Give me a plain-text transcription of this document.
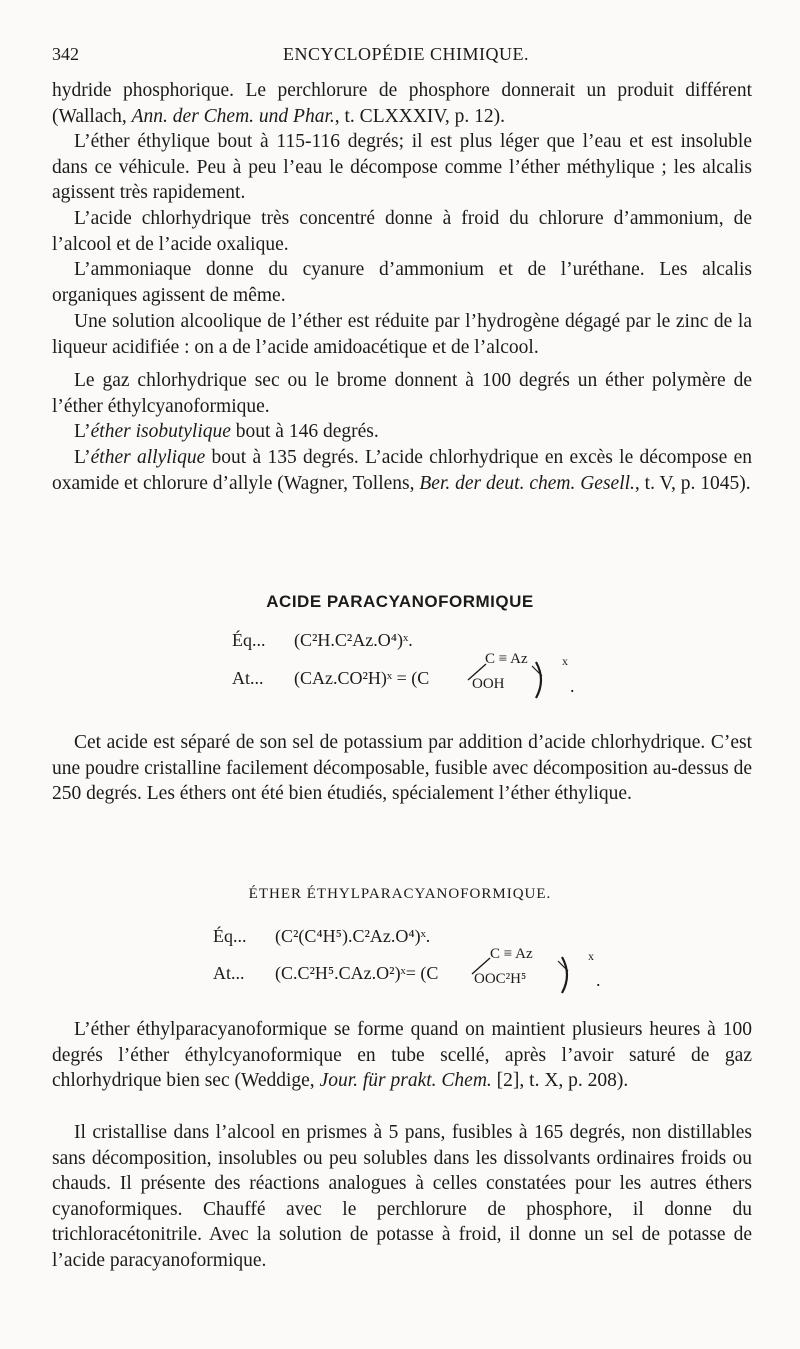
342	ENCYCLOPÉDIE CHIMIQUE.
hydride phosphorique. Le perchlorure de phosphore donnerait un produit différent (Wallach, Ann. der Chem. und Phar., t. CLXXXIV, p. 12).
L’éther éthylique bout à 115-116 degrés; il est plus léger que l’eau et est insoluble dans ce véhicule. Peu à peu l’eau le décompose comme l’éther méthylique ; les alcalis agissent très rapidement.
L’acide chlorhydrique très concentré donne à froid du chlorure d’ammonium, de l’alcool et de l’acide oxalique.
L’ammoniaque donne du cyanure d’ammonium et de l’uréthane. Les alcalis organiques agissent de même.
Une solution alcoolique de l’éther est réduite par l’hydrogène dégagé par le zinc de la liqueur acidifiée : on a de l’acide amidoacétique et de l’alcool.
Le gaz chlorhydrique sec ou le brome donnent à 100 degrés un éther polymère de l’éther éthylcyanoformique.
L’éther isobutylique bout à 146 degrés.
L’éther allylique bout à 135 degrés. L’acide chlorhydrique en excès le décompose en oxamide et chlorure d’allyle (Wagner, Tollens, Ber. der deut. chem. Gesell., t. V, p. 1045).
ACIDE PARACYANOFORMIQUE
Éq... (C²H.C²Az.O⁴)ˣ.
At... (CAz.CO²H)ˣ = (C
C ≡ Az
OOH
x
.
Cet acide est séparé de son sel de potassium par addition d’acide chlorhydrique. C’est une poudre cristalline facilement décomposable, fusible avec décomposition au-dessus de 250 degrés. Les éthers ont été bien étudiés, spécialement l’éther éthylique.
ÉTHER ÉTHYLPARACYANOFORMIQUE.
Éq... (C²(C⁴H⁵).C²Az.O⁴)ˣ.
At... (C.C²H⁵.CAz.O²)ˣ= (C
C ≡ Az
OOC²H⁵
x
.
L’éther éthylparacyanoformique se forme quand on maintient plusieurs heures à 100 degrés l’éther éthylcyanoformique en tube scellé, après l’avoir saturé de gaz chlorhydrique bien sec (Weddige, Jour. für prakt. Chem. [2], t. X, p. 208).
Il cristallise dans l’alcool en prismes à 5 pans, fusibles à 165 degrés, non distillables sans décomposition, insolubles ou peu solubles dans les dissolvants ordinaires froids ou chauds. Il présente des réactions analogues à celles constatées pour les autres éthers cyanoformiques. Chauffé avec le perchlorure de phosphore, il donne du trichloracétonitrile. Avec la solution de potasse à froid, il donne un sel de potasse de l’acide paracyanoformique.
